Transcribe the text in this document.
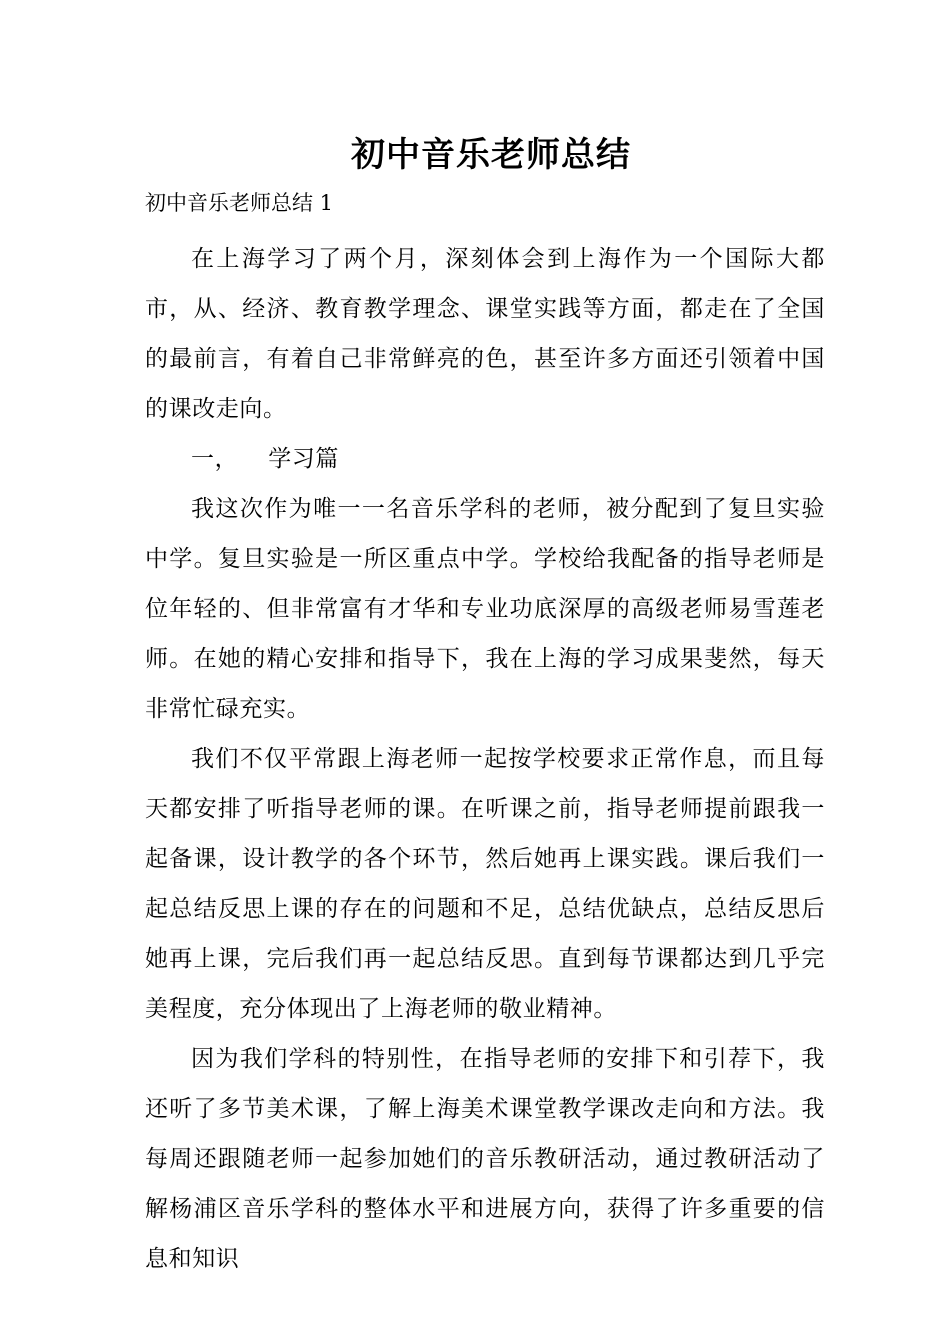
初中音乐老师总结
初中音乐老师总结 1

在上海学习了两个月，深刻体会到上海作为一个国际大都市，从、经济、教育教学理念、课堂实践等方面，都走在了全国的最前言，有着自己非常鲜亮的色，甚至许多方面还引领着中国的课改走向。

一， 学习篇

我这次作为唯一一名音乐学科的老师，被分配到了复旦实验中学。复旦实验是一所区重点中学。学校给我配备的指导老师是位年轻的、但非常富有才华和专业功底深厚的高级老师易雪莲老师。在她的精心安排和指导下，我在上海的学习成果斐然，每天非常忙碌充实。

我们不仅平常跟上海老师一起按学校要求正常作息，而且每天都安排了听指导老师的课。在听课之前，指导老师提前跟我一起备课，设计教学的各个环节，然后她再上课实践。课后我们一起总结反思上课的存在的问题和不足，总结优缺点，总结反思后她再上课，完后我们再一起总结反思。直到每节课都达到几乎完美程度，充分体现出了上海老师的敬业精神。

因为我们学科的特别性，在指导老师的安排下和引荐下，我还听了多节美术课，了解上海美术课堂教学课改走向和方法。我每周还跟随老师一起参加她们的音乐教研活动，通过教研活动了解杨浦区音乐学科的整体水平和进展方向，获得了许多重要的信息和知识
